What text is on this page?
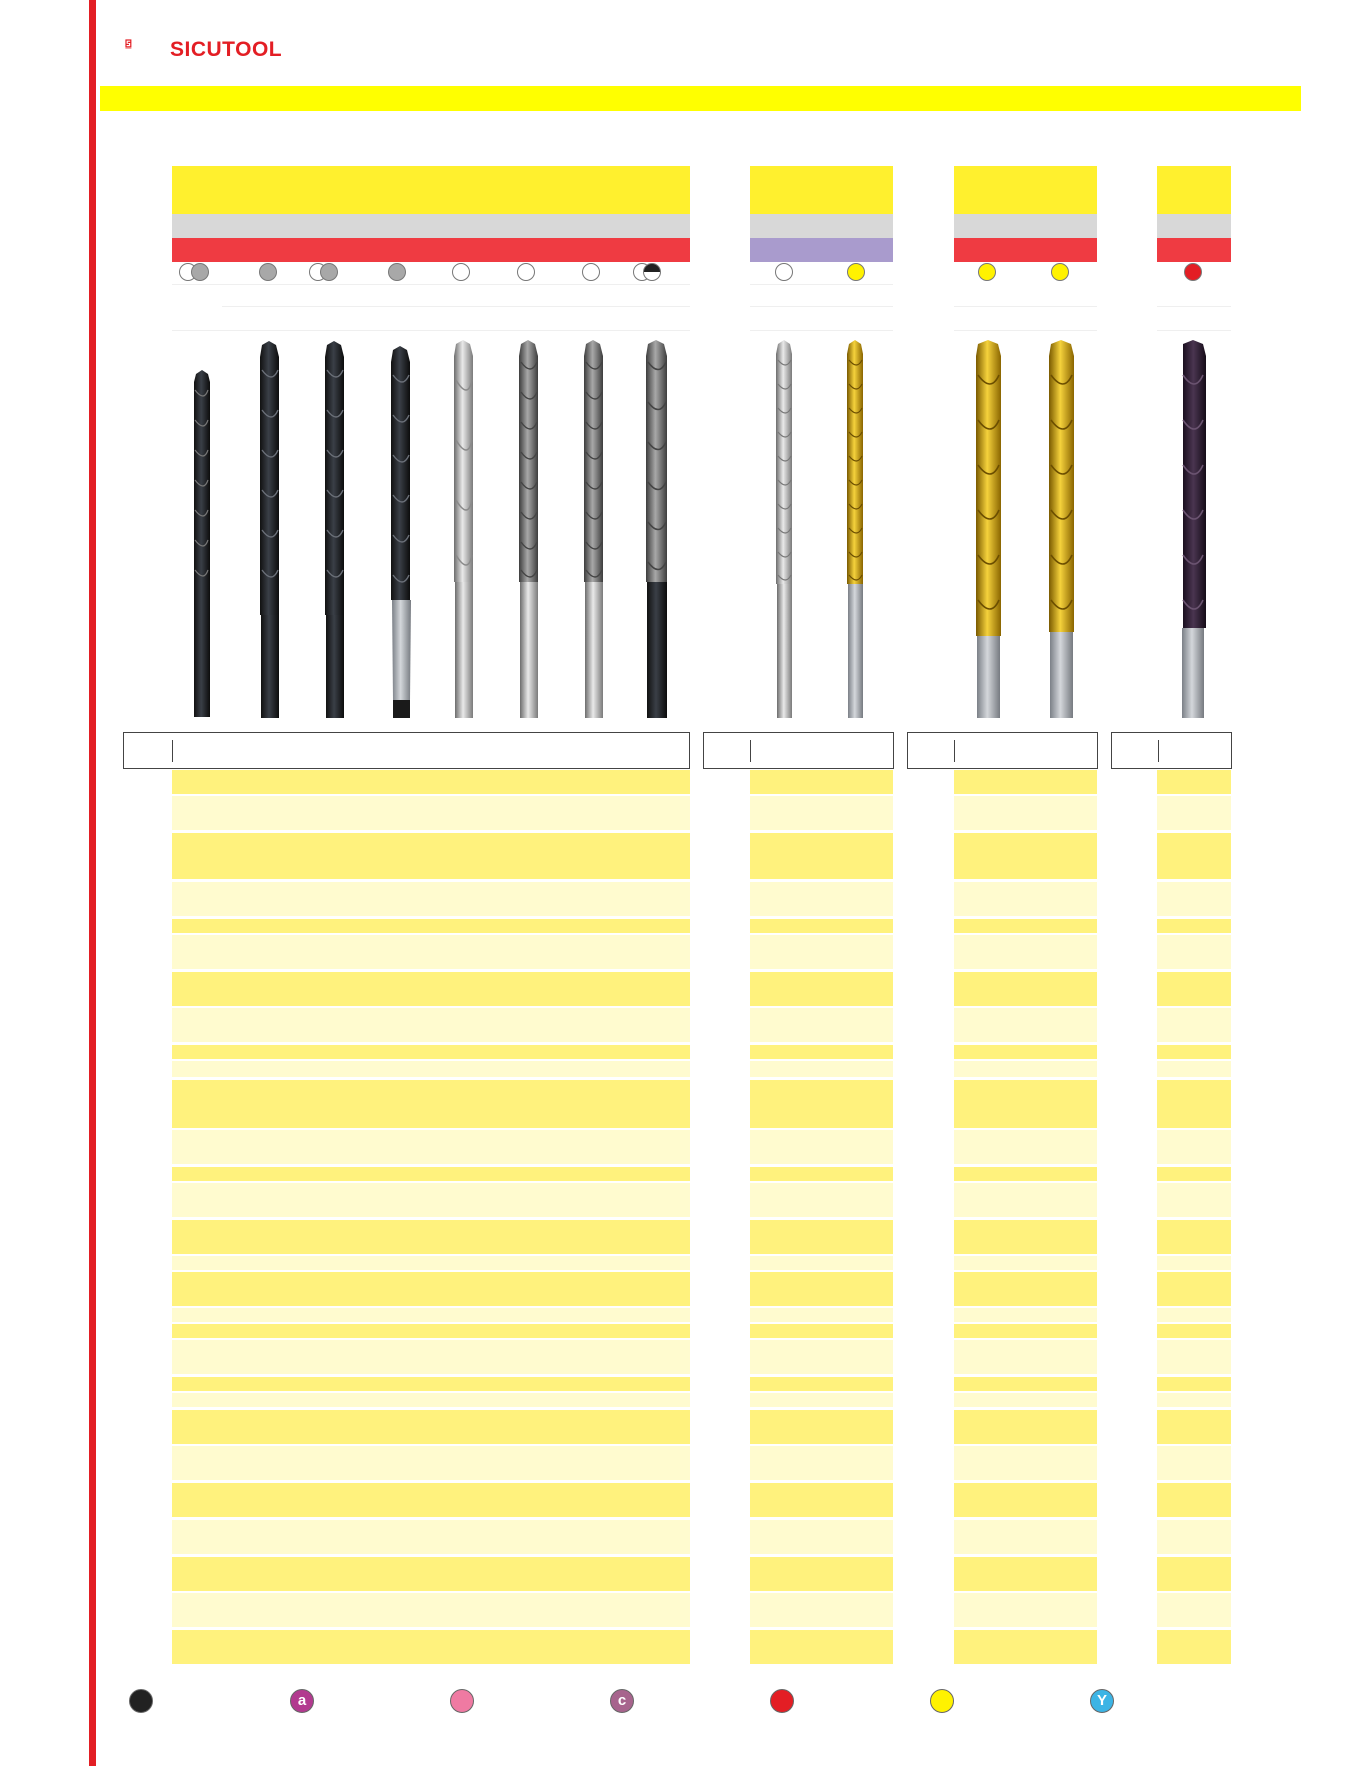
SICUTOOL
a	c	Y
